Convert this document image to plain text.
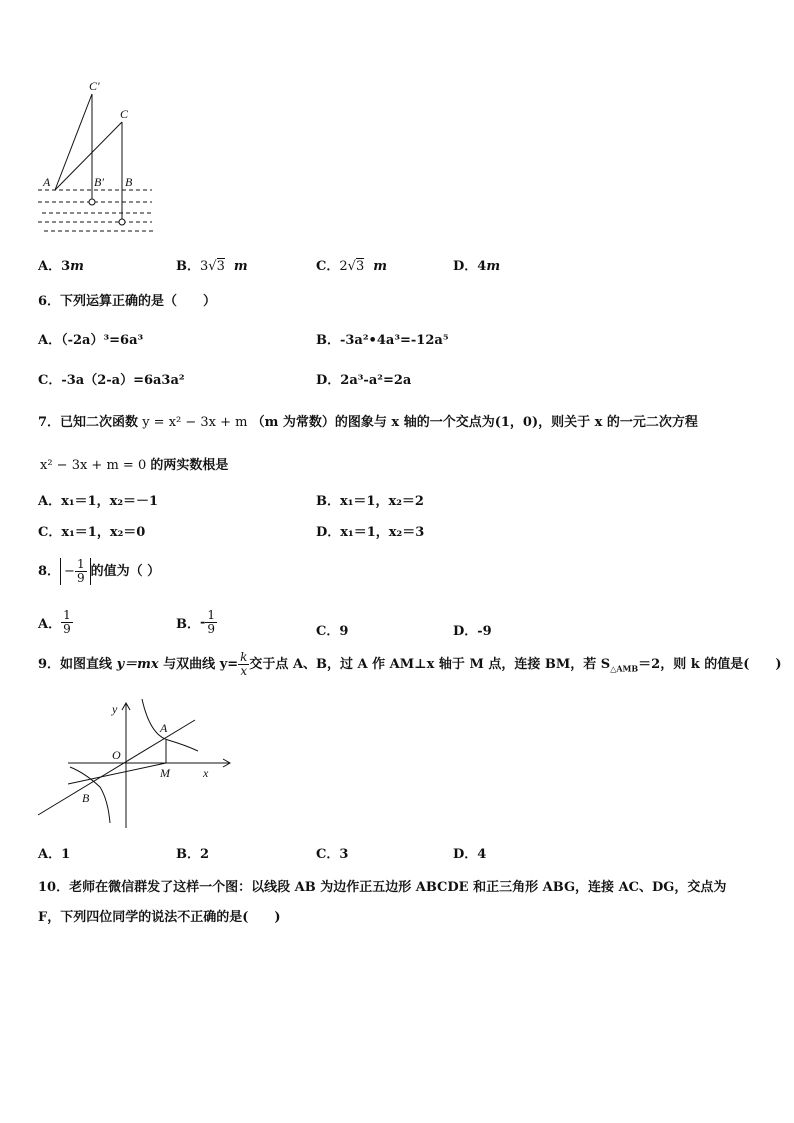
C′
C
A	B′ B
A．3m	B．3√3 m	C．2√3 m	D．4m
6．下列运算正确的是（　　）
A．（-2a）³=6a³	B．-3a²•4a³=-12a⁵
C．-3a（2-a）=6a3a²	D．2a³-a²=2a
7．已知二次函数 y = x² − 3x + m （m 为常数）的图象与 x 轴的一个交点为(1，0)，则关于 x 的一元二次方程
x² − 3x + m = 0 的两实数根是
A．x₁＝1，x₂＝－1	B．x₁＝1，x₂＝2
C．x₁＝1，x₂＝0	D．x₁＝1，x₂＝3
8． − $\frac{1}{9}$ 的值为（ ）
A． $\frac{1}{9}$	B．- $\frac{1}{9}$	C．9	D．-9
9．如图直线 y＝mx 与双曲线 $y= \frac{k}{x}$ 交于点 A、B，过 A 作 AM⊥x 轴于 M 点，连接 BM，若 $S_{\triangle AMB}=2$，则 k 的值是(　　)
y
A
O
M	x
B
A．1	B．2	C．3	D．4
10．老师在微信群发了这样一个图：以线段 AB 为边作正五边形 ABCDE 和正三角形 ABG，连接 AC、DG，交点为
F，下列四位同学的说法不正确的是(　　)
